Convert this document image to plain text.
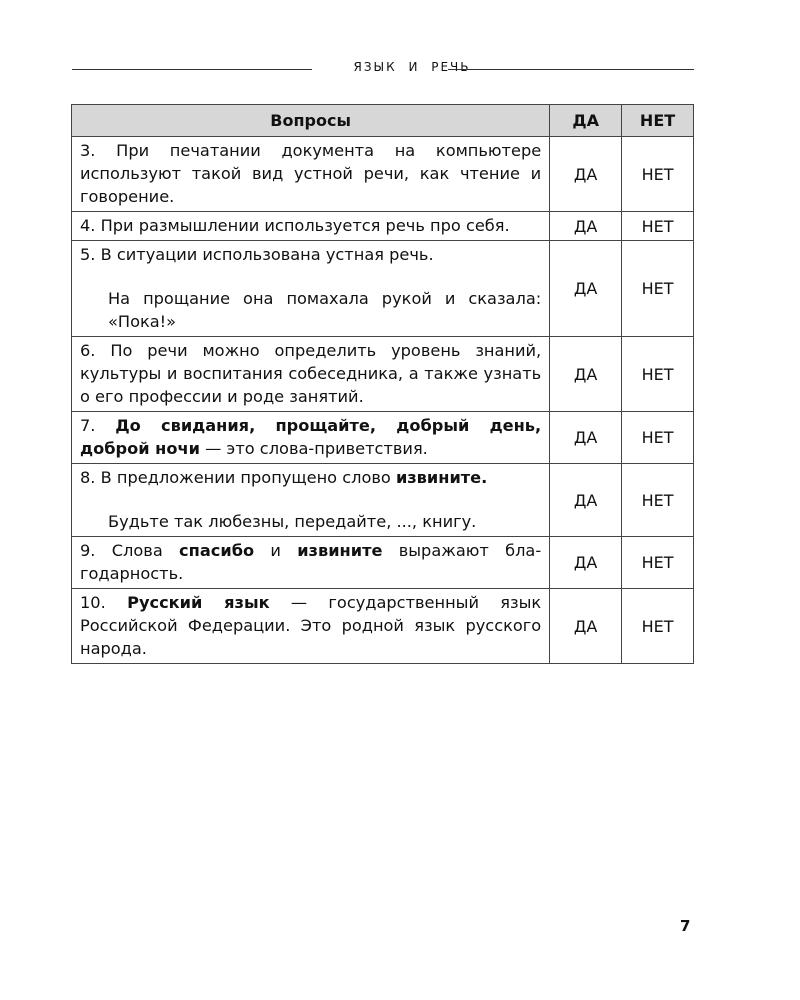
ЯЗЫК И РЕЧЬ
Вопросы	ДА	НЕТ
3. При печатании документа на компьютере используют такой вид устной речи, как чтение и говорение.	ДА	НЕТ
4. При размышлении используется речь про себя.	ДА	НЕТ

5. В ситуации использована устная речь.
На прощание она помахала рукой и сказала: «Пока!»	ДА	НЕТ
6. По речи можно определить уровень знаний, культуры и воспитания собеседника, а также узнать о его профессии и роде занятий.	ДА	НЕТ
7. До свидания, прощайте, добрый день, доброй ночи — это слова-приветствия.	ДА	НЕТ

8. В предложении пропущено слово извините.
Будьте так любезны, передайте, ..., книгу.	ДА	НЕТ
9. Слова спасибо и извините выражают благодарность.	ДА	НЕТ
10. Русский язык — государственный язык Российской Федерации. Это родной язык русского народа.	ДА	НЕТ
7
